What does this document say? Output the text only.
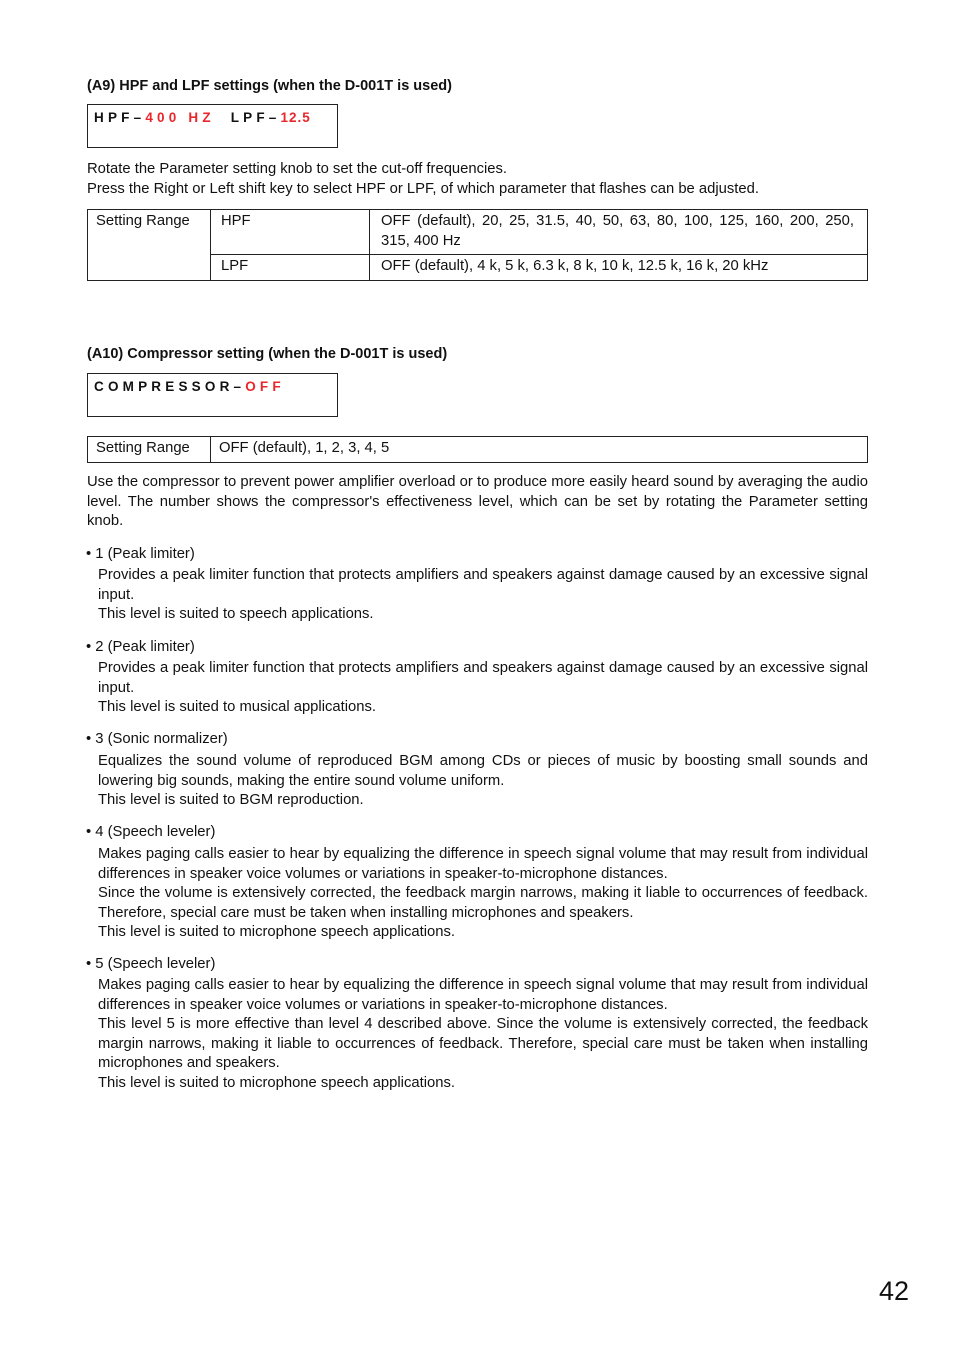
(A9) HPF and LPF settings (when the D-001T is used)
HPF–400 HZ LPF–12.5
Rotate the Parameter setting knob to set the cut-off frequencies.
Press the Right or Left shift key to select HPF or LPF, of which parameter that flashes can be adjusted.
Setting Range	HPF	OFF (default), 20, 25, 31.5, 40, 50, 63, 80, 100, 125, 160, 200, 250, 315, 400 Hz
	LPF	OFF (default), 4 k, 5 k, 6.3 k, 8 k, 10 k, 12.5 k, 16 k, 20 kHz
(A10) Compressor setting (when the D-001T is used)
COMPRESSOR–OFF
Setting Range	OFF (default), 1, 2, 3, 4, 5
Use the compressor to prevent power amplifier overload or to produce more easily heard sound by averaging the audio level. The number shows the compressor's effectiveness level, which can be set by rotating the Parameter setting knob.
• 1 (Peak limiter)

Provides a peak limiter function that protects amplifiers and speakers against damage caused by an excessive signal input.

This level is suited to speech applications.

• 2 (Peak limiter)

Provides a peak limiter function that protects amplifiers and speakers against damage caused by an excessive signal input.

This level is suited to musical applications.

• 3 (Sonic normalizer)

Equalizes the sound volume of reproduced BGM among CDs or pieces of music by boosting small sounds and lowering big sounds, making the entire sound volume uniform.

This level is suited to BGM reproduction.

• 4 (Speech leveler)

Makes paging calls easier to hear by equalizing the difference in speech signal volume that may result from individual differences in speaker voice volumes or variations in speaker-to-microphone distances.

Since the volume is extensively corrected, the feedback margin narrows, making it liable to occurrences of feedback. Therefore, special care must be taken when installing microphones and speakers.

This level is suited to microphone speech applications.

• 5 (Speech leveler)

Makes paging calls easier to hear by equalizing the difference in speech signal volume that may result from individual differences in speaker voice volumes or variations in speaker-to-microphone distances.

This level 5 is more effective than level 4 described above. Since the volume is extensively corrected, the feedback margin narrows, making it liable to occurrences of feedback. Therefore, special care must be taken when installing microphones and speakers.

This level is suited to microphone speech applications.

42
